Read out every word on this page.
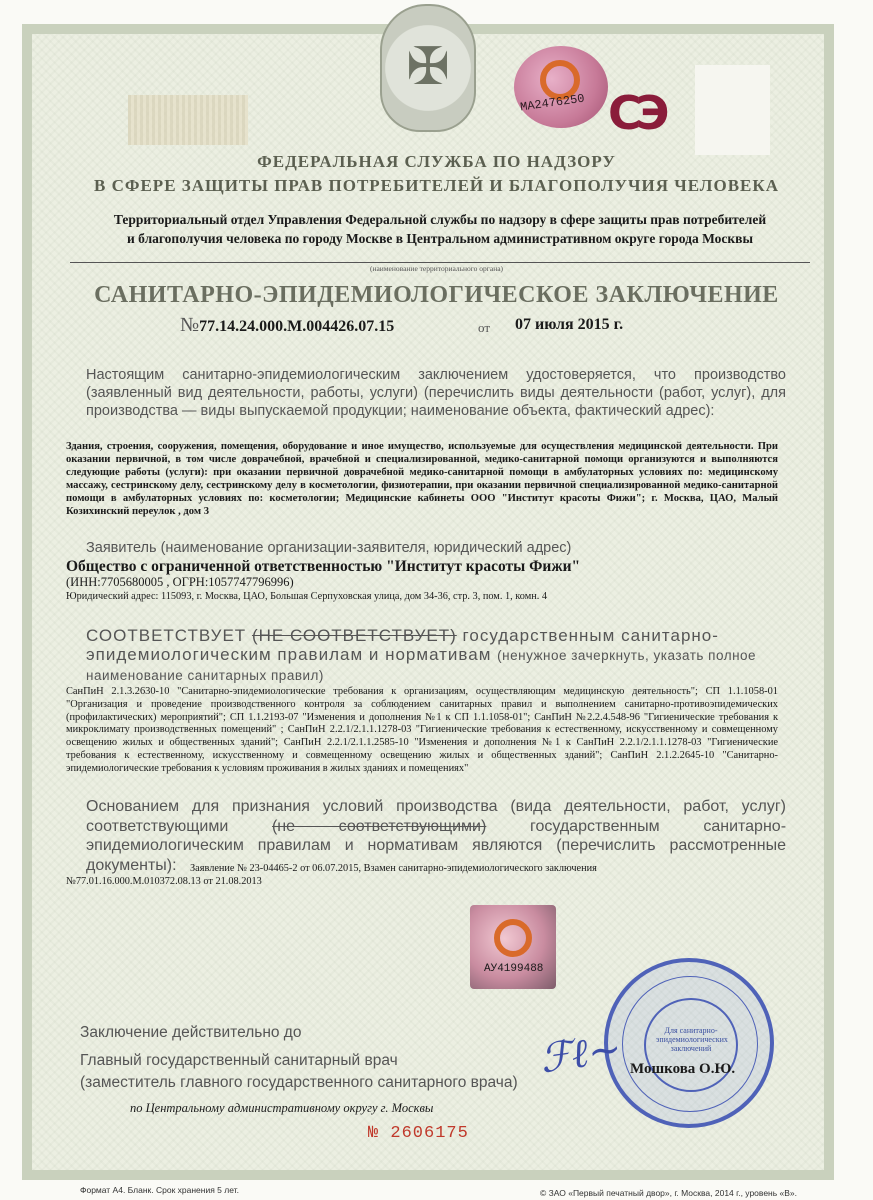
✠
МА2476250 СЭ
ФЕДЕРАЛЬНАЯ СЛУЖБА ПО НАДЗОРУ
В СФЕРЕ ЗАЩИТЫ ПРАВ ПОТРЕБИТЕЛЕЙ И БЛАГОПОЛУЧИЯ ЧЕЛОВЕКА
Территориальный отдел Управления Федеральной службы по надзору в сфере защиты прав потребителей
и благополучия человека по городу Москве в Центральном административном округе города Москвы
(наименование территориального органа)
САНИТАРНО-ЭПИДЕМИОЛОГИЧЕСКОЕ ЗАКЛЮЧЕНИЕ
№77.14.24.000.М.004426.07.15	от 07 июля 2015 г.
Настоящим санитарно-эпидемиологическим заключением удостоверяется, что производство (заявленный вид деятельности, работы, услуги) (перечислить виды деятельности (работ, услуг), для производства — виды выпускаемой продукции; наименование объекта, фактический адрес):
Здания, строения, сооружения, помещения, оборудование и иное имущество, используемые для осуществления медицинской деятельности. При оказании первичной, в том числе доврачебной, врачебной и специализированной, медико-санитарной помощи организуются и выполняются следующие работы (услуги): при оказании первичной доврачебной медико-санитарной помощи в амбулаторных условиях по: медицинскому массажу, сестринскому делу, сестринскому делу в косметологии, физиотерапии, при оказании первичной специализированной медико-санитарной помощи в амбулаторных условиях по: косметологии; Медицинские кабинеты ООО "Институт красоты Фижи"; г. Москва, ЦАО, Малый Козихинский переулок , дом 3
Заявитель (наименование организации-заявителя, юридический адрес)
Общество с ограниченной ответственностью "Институт красоты Фижи"
(ИНН:7705680005 , ОГРН:1057747796996)
Юридический адрес: 115093, г. Москва, ЦАО, Большая Серпуховская улица, дом 34-36, стр. 3, пом. 1, комн. 4
СООТВЕТСТВУЕТ (НЕ СООТВЕТСТВУЕТ) государственным санитарно-эпидемиологическим правилам и нормативам (ненужное зачеркнуть, указать полное наименование санитарных правил)
СанПиН 2.1.3.2630-10 "Санитарно-эпидемиологические требования к организациям, осуществляющим медицинскую деятельность"; СП 1.1.1058-01 "Организация и проведение производственного контроля за соблюдением санитарных правил и выполнением санитарно-противоэпидемических (профилактических) мероприятий"; СП 1.1.2193-07 "Изменения и дополнения №1 к СП 1.1.1058-01"; СанПиН №2.2.4.548-96 "Гигиенические требования к микроклимату производственных помещений" ; СанПиН 2.2.1/2.1.1.1278-03 "Гигиенические требования к естественному, искусственному и совмещенному освещению жилых и общественных зданий"; СанПиН 2.2.1/2.1.1.2585-10 "Изменения и дополнения №1 к СанПиН 2.2.1/2.1.1.1278-03 "Гигиенические требования к естественному, искусственному и совмещенному освещению жилых и общественных зданий"; СанПиН 2.1.2.2645-10 "Санитарно-эпидемиологические требования к условиям проживания в жилых зданиях и помещениях"
Основанием для признания условий производства (вида деятельности, работ, услуг) соответствующими (не соответствующими) государственным санитарно-эпидемиологическим правилам и нормативам являются (перечислить рассмотренные документы):	Заявление № 23-04465-2 от 06.07.2015, Взамен санитарно-эпидемиологического заключения
№77.01.16.000.М.010372.08.13 от 21.08.2013
АУ4199488
Заключение действительно до
Главный государственный санитарный врач
(заместитель главного государственного санитарного врача)
по Центральному административному округу г. Москвы
Для санитарно-эпидемиологических заключений
ℱℓ~ Мошкова О.Ю.
№ 2606175
Формат А4. Бланк. Срок хранения 5 лет.	© ЗАО «Первый печатный двор», г. Москва, 2014 г., уровень «В».
